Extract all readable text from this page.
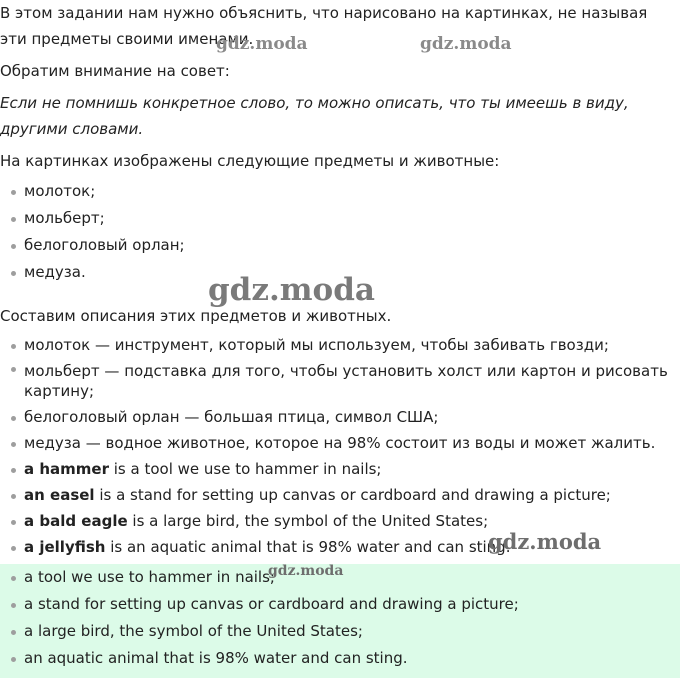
В этом задании нам нужно объяснить, что нарисовано на картинках, не называя эти предметы своими именами.

Обратим внимание на совет:

Если не помнишь конкретное слово, то можно описать, что ты имеешь в виду, другими словами.

На картинках изображены следующие предметы и животные:

молоток;
мольберт;
белоголовый орлан;
медуза.

Составим описания этих предметов и животных.

молоток — инструмент, который мы используем, чтобы забивать гвозди;
мольберт — подставка для того, чтобы установить холст или картон и рисовать картину;
белоголовый орлан — большая птица, символ США;
медуза — водное животное, которое на 98% состоит из воды и может жалить.
a hammer is a tool we use to hammer in nails;
an easel is a stand for setting up canvas or cardboard and drawing a picture;
a bald eagle is a large bird, the symbol of the United States;
a jellyfish is an aquatic animal that is 98% water and can sting.
a tool we use to hammer in nails;
a stand for setting up canvas or cardboard and drawing a picture;
a large bird, the symbol of the United States;
an aquatic animal that is 98% water and can sting.
gdz.moda	gdz.moda
gdz.moda
gdz.moda
gdz.moda
